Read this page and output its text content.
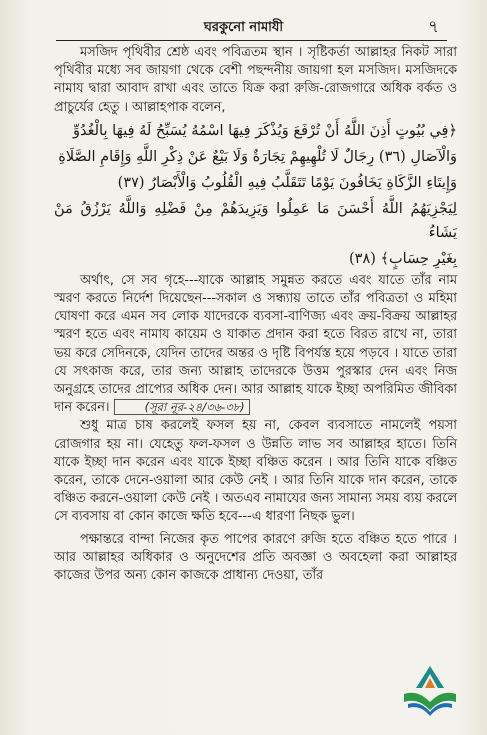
ঘরকুনো নামাযী	৭

মসজিদ পৃথিবীর শ্রেষ্ঠ এবং পবিত্রতম স্থান । সৃষ্টিকর্তা আল্লাহর নিকট সারা পৃথিবীর মধ্যে সব জায়গা থেকে বেশী পছন্দনীয় জায়গা হল মসজিদ। মসজিদকে নামায দ্বারা আবাদ রাখা এবং তাতে যিক্র করা রুজি-রোজগারে অধিক বর্কত ও প্রাচুর্যের হেতু । আল্লাহপাক বলেন,

﴿فِي بُيُوتٍ أَذِنَ اللَّهُ أَنْ تُرْفَعَ وَيُذْكَرَ فِيهَا اسْمُهُ يُسَبِّحُ لَهُ فِيهَا بِالْغُدُوِّ

وَالْآصَالِ (٣٦) رِجَالٌ لَا تُلْهِيهِمْ تِجَارَةٌ وَلَا بَيْعٌ عَنْ ذِكْرِ اللَّهِ وَإِقَامِ الصَّلَاةِ

وَإِيتَاءِ الزَّكَاةِ يَخَافُونَ يَوْمًا تَتَقَلَّبُ فِيهِ الْقُلُوبُ وَالْأَبْصَارُ (٣٧)

لِيَجْزِيَهُمُ اللَّهُ أَحْسَنَ مَا عَمِلُوا وَيَزِيدَهُمْ مِنْ فَضْلِهِ وَاللَّهُ يَرْزُقُ مَنْ يَشَاءُ

بِغَيْرِ حِسَابٍ﴾ (٣٨)

অর্থাৎ, সে সব গৃহে---যাকে আল্লাহ সমুন্নত করতে এবং যাতে তাঁর নাম স্মরণ করতে নির্দেশ দিয়েছেন---সকাল ও সন্ধ্যায় তাতে তাঁর পবিত্রতা ও মহিমা ঘোষণা করে এমন সব লোক যাদেরকে ব্যবসা-বাণিজ্য এবং ক্রয়-বিক্রয় আল্লাহর স্মরণ হতে এবং নামায কায়েম ও যাকাত প্রদান করা হতে বিরত রাখে না, তারা ভয় করে সেদিনকে, যেদিন তাদের অন্তর ও দৃষ্টি বিপর্যস্ত হয়ে পড়বে । যাতে তারা যে সৎকাজ করে, তার জন্য আল্লাহ তাদেরকে উত্তম পুরস্কার দেন এবং নিজ অনুগ্রহে তাদের প্রাপ্যের অধিক দেন। আর আল্লাহ যাকে ইচ্ছা অপরিমিত জীবিকা দান করেন।	(সূরা নূর-২৪/৩৬-৩৮)

শুধু মাত্র চাষ করলেই ফসল হয় না, কেবল ব্যবসাতে নামলেই পয়সা রোজগার হয় না। যেহেতু ফল-ফসল ও উন্নতি লাভ সব আল্লাহর হাতে। তিনি যাকে ইচ্ছা দান করেন এবং যাকে ইচ্ছা বঞ্চিত করেন । আর তিনি যাকে বঞ্চিত করেন, তাকে দেনে-ওয়ালা আর কেউ নেই । আর তিনি যাকে দান করেন, তাকে বঞ্চিত করনে-ওয়ালা কেউ নেই । অতএব নামাযের জন্য সামান্য সময় ব্যয় করলে সে ব্যবসায় বা কোন কাজে ক্ষতি হবে---এ ধারণা নিছক ভুল।

পক্ষান্তরে বান্দা নিজের কৃত পাপের কারণে রুজি হতে বঞ্চিত হতে পারে । আর আল্লাহর অধিকার ও অনুদেশের প্রতি অবজ্ঞা ও অবহেলা করা আল্লাহর কাজের উপর অন্য কোন কাজকে প্রাধান্য দেওয়া, তাঁর
